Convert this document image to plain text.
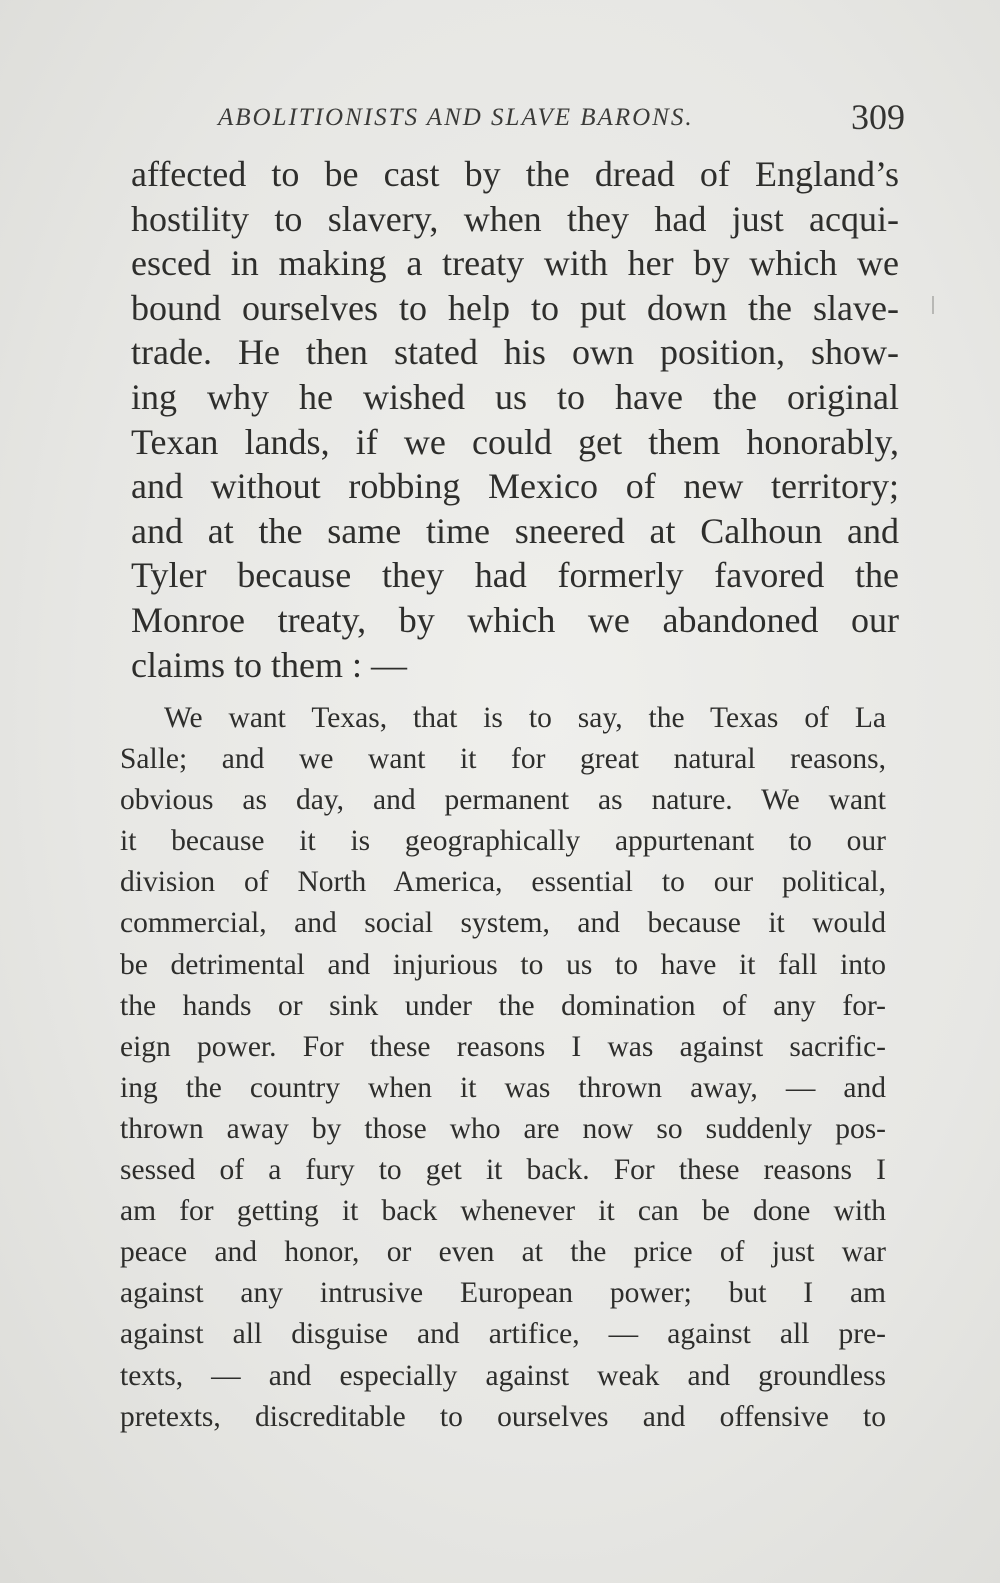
ABOLITIONISTS AND SLAVE BARONS.	309
affected to be cast by the dread of England’s
hostility to slavery, when they had just acqui-
esced in making a treaty with her by which we
bound ourselves to help to put down the slave-
trade. He then stated his own position, show-
ing why he wished us to have the original
Texan lands, if we could get them honorably,
and without robbing Mexico of new territory;
and at the same time sneered at Calhoun and
Tyler because they had formerly favored the
Monroe treaty, by which we abandoned our
claims to them : —
We want Texas, that is to say, the Texas of La
Salle; and we want it for great natural reasons,
obvious as day, and permanent as nature. We want
it because it is geographically appurtenant to our
division of North America, essential to our political,
commercial, and social system, and because it would
be detrimental and injurious to us to have it fall into
the hands or sink under the domination of any for-
eign power. For these reasons I was against sacrific-
ing the country when it was thrown away, — and
thrown away by those who are now so suddenly pos-
sessed of a fury to get it back. For these reasons I
am for getting it back whenever it can be done with
peace and honor, or even at the price of just war
against any intrusive European power; but I am
against all disguise and artifice, — against all pre-
texts, — and especially against weak and groundless
pretexts, discreditable to ourselves and offensive to
